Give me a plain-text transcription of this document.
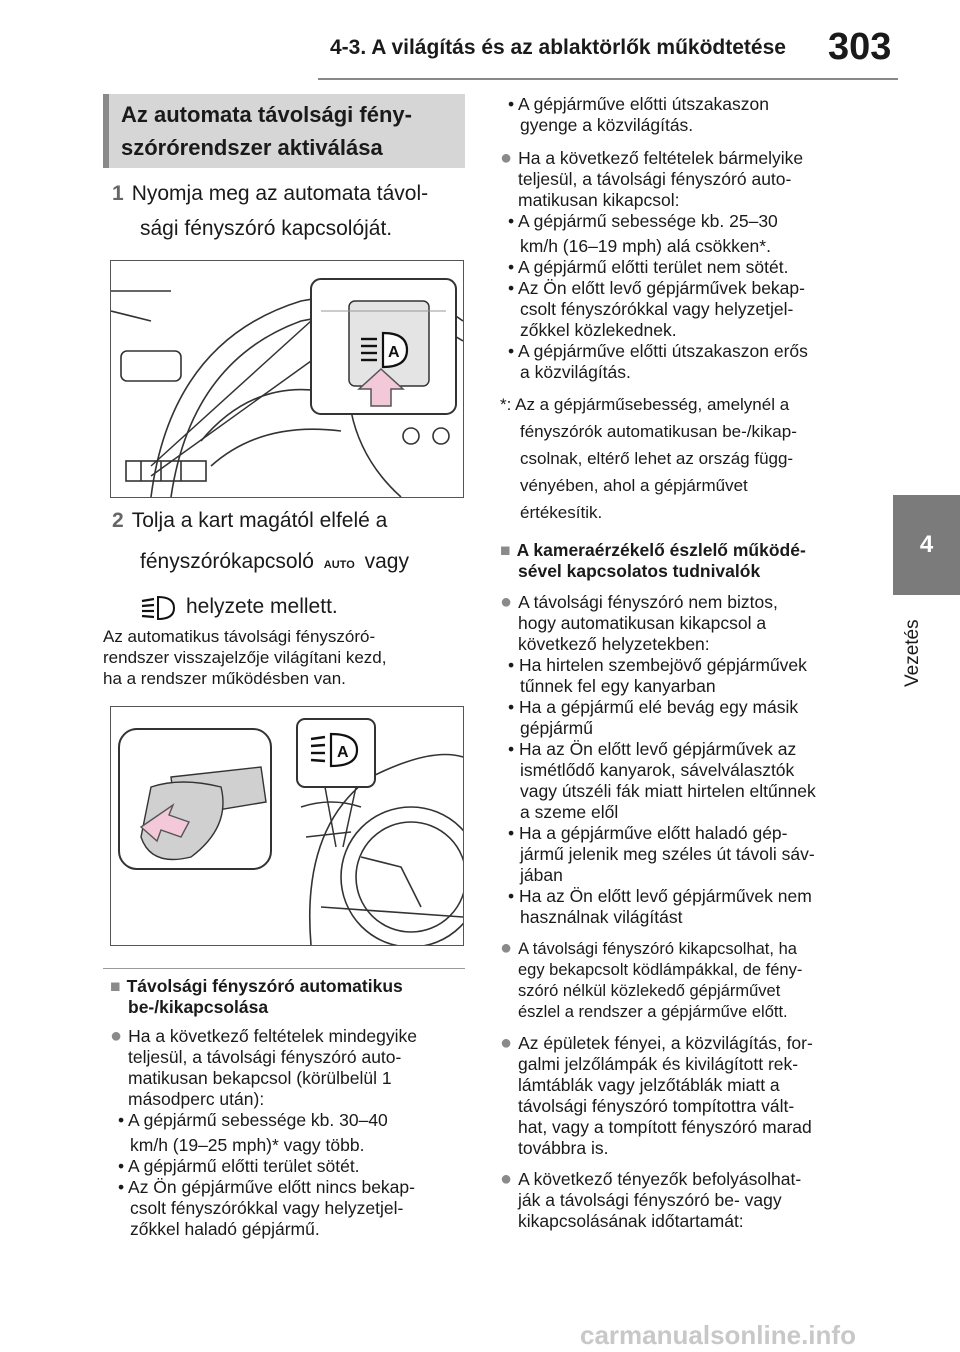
4-3. A világítás és az ablaktörlők működtetése 303
4
Vezetés
Az automata távolsági fény-szórórendszer aktiválása
1 Nyomja meg az automata távol-
sági fényszóró kapcsolóját.
A
2 Tolja a kart magától elfelé a
fényszórókapcsoló AUTO vagy
helyzete mellett.
Az automatikus távolsági fényszóró-
rendszer visszajelzője világítani kezd,
ha a rendszer működésben van.
A
■ Távolsági fényszóró automatikus
be-/kikapcsolása
● Ha a következő feltételek mindegyike
teljesül, a távolsági fényszóró auto-
matikusan bekapcsol (körülbelül 1
másodperc után):
• A gépjármű sebessége kb. 30–40
km/h (19–25 mph)* vagy több.
• A gépjármű előtti terület sötét.
• Az Ön gépjárműve előtt nincs bekap-
csolt fényszórókkal vagy helyzetjel-
zőkkel haladó gépjármű.
• A gépjárműve előtti útszakaszon
gyenge a közvilágítás.
● Ha a következő feltételek bármelyike
teljesül, a távolsági fényszóró auto-
matikusan kikapcsol:
• A gépjármű sebessége kb. 25–30
km/h (16–19 mph) alá csökken*.
• A gépjármű előtti terület nem sötét.
• Az Ön előtt levő gépjárművek bekap-
csolt fényszórókkal vagy helyzetjel-
zőkkel közlekednek.
• A gépjárműve előtti útszakaszon erős
a közvilágítás.
*: Az a gépjárműsebesség, amelynél a
fényszórók automatikusan be-/kikap-
csolnak, eltérő lehet az ország függ-
vényében, ahol a gépjárművet
értékesítik.
■ A kameraérzékelő észlelő működé-
sével kapcsolatos tudnivalók
● A távolsági fényszóró nem biztos,
hogy automatikusan kikapcsol a
következő helyzetekben:
• Ha hirtelen szembejövő gépjárművek
tűnnek fel egy kanyarban
• Ha a gépjármű elé bevág egy másik
gépjármű
• Ha az Ön előtt levő gépjárművek az
ismétlődő kanyarok, sávelválasztók
vagy útszéli fák miatt hirtelen eltűnnek
a szeme elől
• Ha a gépjárműve előtt haladó gép-
jármű jelenik meg széles út távoli sáv-
jában
• Ha az Ön előtt levő gépjárművek nem
használnak világítást
● A távolsági fényszóró kikapcsolhat, ha
egy bekapcsolt ködlámpákkal, de fény-
szóró nélkül közlekedő gépjárművet
észlel a rendszer a gépjárműve előtt.
● Az épületek fényei, a közvilágítás, for-
galmi jelzőlámpák és kivilágított rek-
lámtáblák vagy jelzőtáblák miatt a
távolsági fényszóró tompítottra vált-
hat, vagy a tompított fényszóró marad
továbbra is.
● A következő tényezők befolyásolhat-
ják a távolsági fényszóró be- vagy
kikapcsolásának időtartamát:
carmanualsonline.info
